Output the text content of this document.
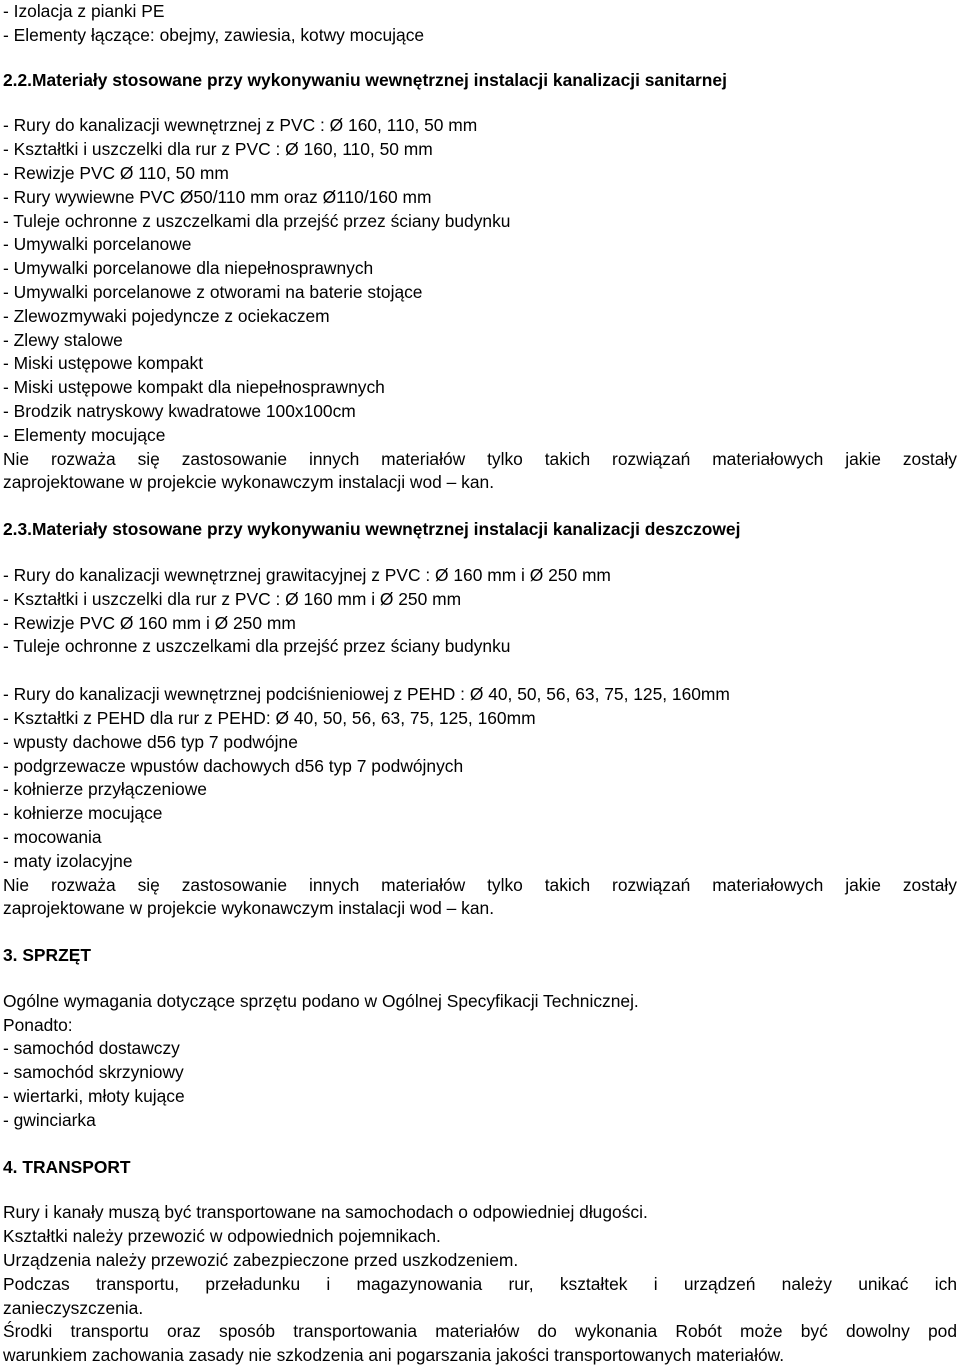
- Izolacja z pianki PE
- Elementy łączące: obejmy, zawiesia, kotwy mocujące
2.2.Materiały stosowane przy wykonywaniu wewnętrznej instalacji kanalizacji sanitarnej
- Rury do kanalizacji wewnętrznej z PVC : Ø 160, 110, 50 mm
- Kształtki i uszczelki dla rur z PVC : Ø 160, 110, 50 mm
- Rewizje PVC Ø 110, 50 mm
- Rury wywiewne PVC Ø50/110 mm oraz Ø110/160 mm
- Tuleje ochronne z uszczelkami dla przejść przez ściany budynku
- Umywalki porcelanowe
- Umywalki porcelanowe dla niepełnosprawnych
- Umywalki porcelanowe z otworami na baterie stojące
- Zlewozmywaki pojedyncze z ociekaczem
- Zlewy stalowe
- Miski ustępowe kompakt
- Miski ustępowe kompakt dla niepełnosprawnych
- Brodzik natryskowy kwadratowe 100x100cm
- Elementy mocujące
Nie rozważa się zastosowanie innych materiałów tylko takich rozwiązań materiałowych jakie zostały
zaprojektowane w projekcie wykonawczym instalacji wod – kan.
2.3.Materiały stosowane przy wykonywaniu wewnętrznej instalacji kanalizacji deszczowej
- Rury do kanalizacji wewnętrznej grawitacyjnej z PVC : Ø 160 mm i Ø 250 mm
- Kształtki i uszczelki dla rur z PVC : Ø 160 mm i Ø 250 mm
- Rewizje PVC Ø 160 mm i Ø 250 mm
- Tuleje ochronne z uszczelkami dla przejść przez ściany budynku
- Rury do kanalizacji wewnętrznej podciśnieniowej z PEHD : Ø 40, 50, 56, 63, 75, 125, 160mm
- Kształtki z PEHD dla rur z PEHD: Ø 40, 50, 56, 63, 75, 125, 160mm
- wpusty dachowe d56 typ 7 podwójne
- podgrzewacze wpustów dachowych d56 typ 7 podwójnych
- kołnierze przyłączeniowe
- kołnierze mocujące
- mocowania
- maty izolacyjne
Nie rozważa się zastosowanie innych materiałów tylko takich rozwiązań materiałowych jakie zostały
zaprojektowane w projekcie wykonawczym instalacji wod – kan.
3. SPRZĘT
Ogólne wymagania dotyczące sprzętu podano w Ogólnej Specyfikacji Technicznej.
Ponadto:
- samochód dostawczy
- samochód skrzyniowy
- wiertarki, młoty kujące
- gwinciarka
4. TRANSPORT
Rury i kanały muszą być transportowane na samochodach o odpowiedniej długości.
Kształtki należy przewozić w odpowiednich pojemnikach.
Urządzenia należy przewozić zabezpieczone przed uszkodzeniem.
Podczas transportu, przeładunku i magazynowania rur, kształtek i urządzeń należy unikać ich
zanieczyszczenia.
Środki transportu oraz sposób transportowania materiałów do wykonania Robót może być dowolny pod
warunkiem zachowania zasady nie szkodzenia ani pogarszania jakości transportowanych materiałów.
